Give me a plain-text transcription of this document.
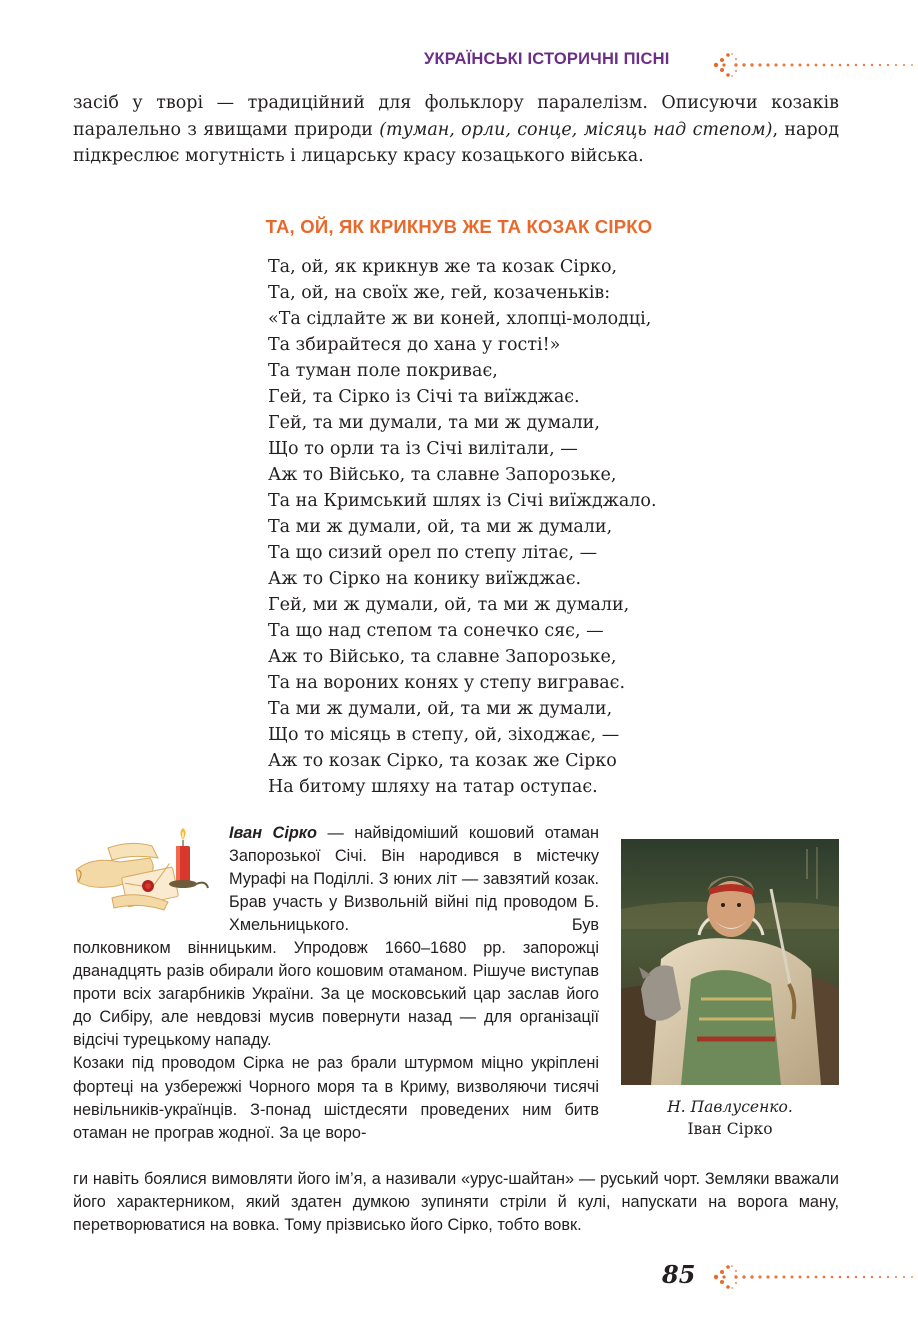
УКРАЇНСЬКІ ІСТОРИЧНІ ПІСНІ

засіб у творі — традиційний для фольклору паралелізм. Описуючи козаків паралельно з явищами природи (туман, орли, сонце, місяць над степом), народ підкреслює могутність і лицарську красу козацького війська.

ТА, ОЙ, ЯК КРИКНУВ ЖЕ ТА КОЗАК СІРКО
Та, ой, як крикнув же та козак Сірко,
Та, ой, на своїх же, гей, козаченьків:
«Та сідлайте ж ви коней, хлопці-молодці,
Та збирайтеся до хана у гості!»
Та туман поле покриває,
Гей, та Сірко із Січі та виїжджає.
Гей, та ми думали, та ми ж думали,
Що то орли та із Січі вилітали, —
Аж то Військо, та славне Запорозьке,
Та на Кримський шлях із Січі виїжджало.
Та ми ж думали, ой, та ми ж думали,
Та що сизий орел по степу літає, —
Аж то Сірко на конику виїжджає.
Гей, ми ж думали, ой, та ми ж думали,
Та що над степом та сонечко сяє, —
Аж то Військо, та славне Запорозьке,
Та на вороних конях у степу виграває.
Та ми ж думали, ой, та ми ж думали,
Що то місяць в степу, ой, зіходжає, —
Аж то козак Сірко, та козак же Сірко
На битому шляху на татар оступає.

Іван Сірко — найвідоміший кошовий отаман Запорозької Січі. Він народився в містечку Мурафі на Поділлі. З юних літ — завзятий козак. Брав участь у Визвольній війні під проводом Б. Хмельницького. Був

полковником вінницьким. Упродовж 1660–1680 рр. запорожці дванадцять разів обирали його кошовим отаманом. Рішуче виступав проти всіх загарбників України. За це московський цар заслав його до Сибіру, але невдовзі мусив повернути назад — для організації відсічі турецькому нападу.
Козаки під проводом Сірка не раз брали штурмом міцно укріплені фортеці на узбережжі Чорного моря та в Криму, визволяючи тисячі невільників-українців. З-понад шістдесяти проведених ним битв отаман не програв жодної. За це воро-

ги навіть боялися вимовляти його ім’я, а називали «урус-шайтан» — руський чорт. Земляки вважали його характерником, який здатен думкою зупиняти стріли й кулі, напускати на ворога ману, перетворюватися на вовка. Тому прізвисько його Сірко, тобто вовк.

Н. Павлусенко.
Іван Сірко
85
